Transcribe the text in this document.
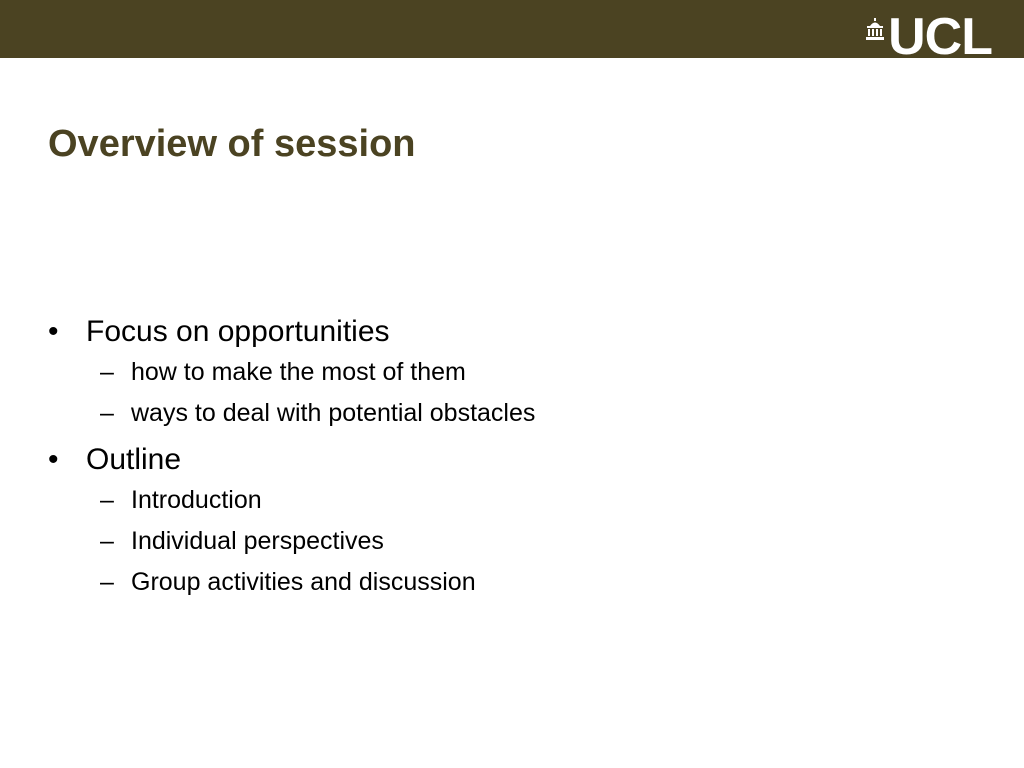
UCL
Overview of session
• Focus on opportunities
– how to make the most of them
– ways to deal with potential obstacles
• Outline
– Introduction
– Individual perspectives
– Group activities and discussion
